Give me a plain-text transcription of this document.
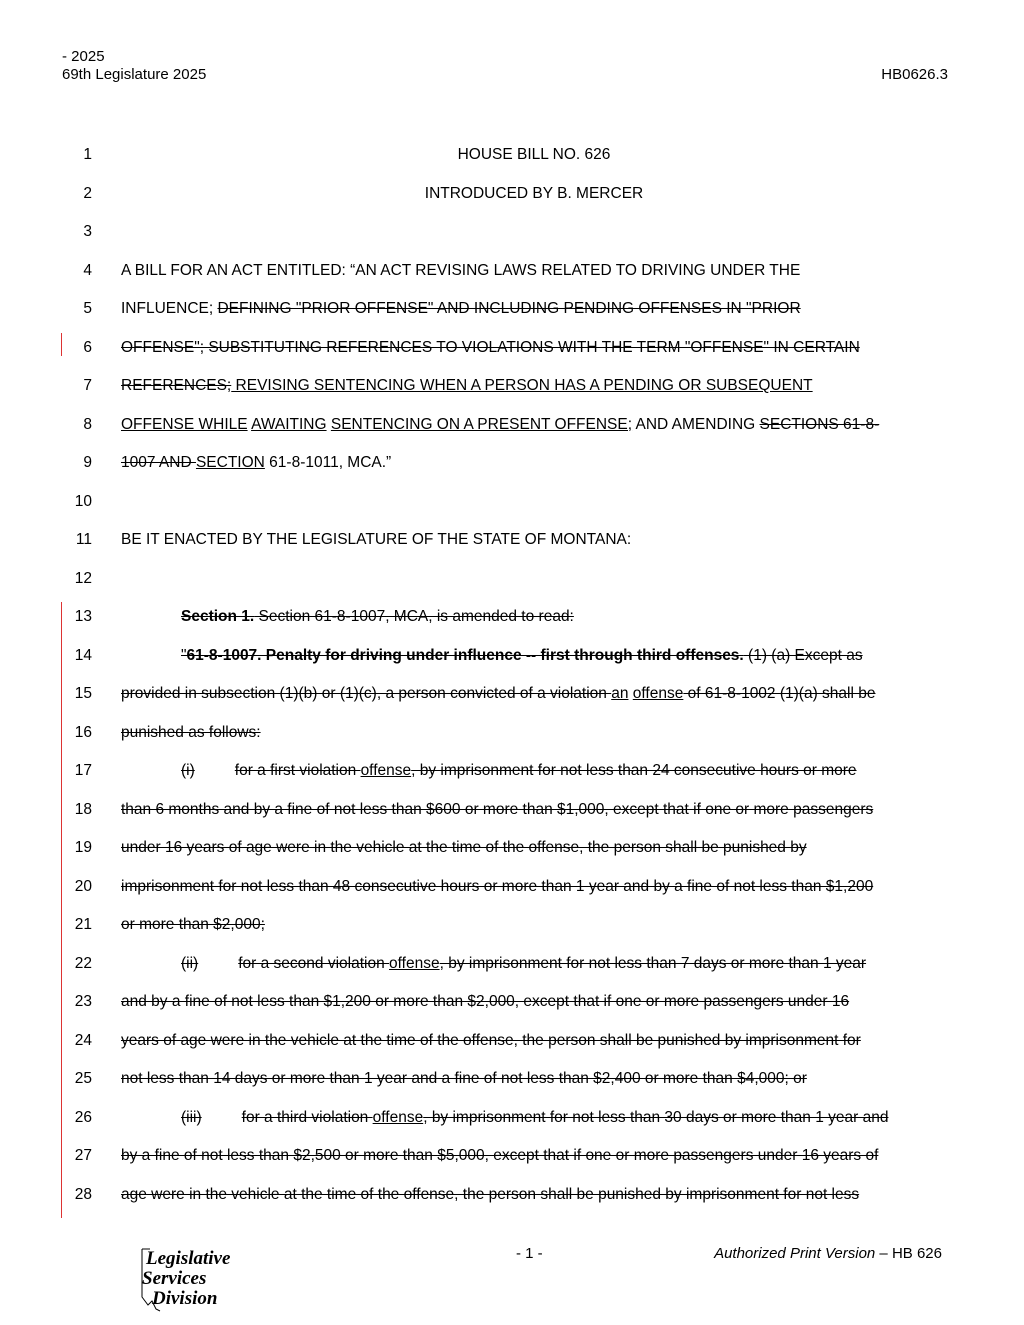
- 2025
69th Legislature 2025	HB0626.3
1	HOUSE BILL NO. 626
2	INTRODUCED BY B. MERCER
3
4 A BILL FOR AN ACT ENTITLED: “AN ACT REVISING LAWS RELATED TO DRIVING UNDER THE
5 INFLUENCE; DEFINING "PRIOR OFFENSE" AND INCLUDING PENDING OFFENSES IN "PRIOR
6 OFFENSE"; SUBSTITUTING REFERENCES TO VIOLATIONS WITH THE TERM "OFFENSE" IN CERTAIN
7 REFERENCES; REVISING SENTENCING WHEN A PERSON HAS A PENDING OR SUBSEQUENT
8 OFFENSE WHILE AWAITING SENTENCING ON A PRESENT OFFENSE; AND AMENDING SECTIONS 61-8-
9 1007 AND SECTION 61-8-1011, MCA.”
10
11 BE IT ENACTED BY THE LEGISLATURE OF THE STATE OF MONTANA:
12
13	Section 1. Section 61-8-1007, MCA, is amended to read:
14	"61-8-1007. Penalty for driving under influence -- first through third offenses. (1) (a) Except as
15 provided in subsection (1)(b) or (1)(c), a person convicted of a violation an offense of 61-8-1002 (1)(a) shall be
16 punished as follows:
17	(i)	for a first violation offense, by imprisonment for not less than 24 consecutive hours or more
18 than 6 months and by a fine of not less than $600 or more than $1,000, except that if one or more passengers
19 under 16 years of age were in the vehicle at the time of the offense, the person shall be punished by
20 imprisonment for not less than 48 consecutive hours or more than 1 year and by a fine of not less than $1,200
21 or more than $2,000;
22	(ii)	for a second violation offense, by imprisonment for not less than 7 days or more than 1 year
23 and by a fine of not less than $1,200 or more than $2,000, except that if one or more passengers under 16
24 years of age were in the vehicle at the time of the offense, the person shall be punished by imprisonment for
25 not less than 14 days or more than 1 year and a fine of not less than $2,400 or more than $4,000; or
26	(iii)	for a third violation offense, by imprisonment for not less than 30 days or more than 1 year and
27 by a fine of not less than $2,500 or more than $5,000, except that if one or more passengers under 16 years of
28 age were in the vehicle at the time of the offense, the person shall be punished by imprisonment for not less
Legislative
Services
Division
- 1 -	Authorized Print Version – HB 626
